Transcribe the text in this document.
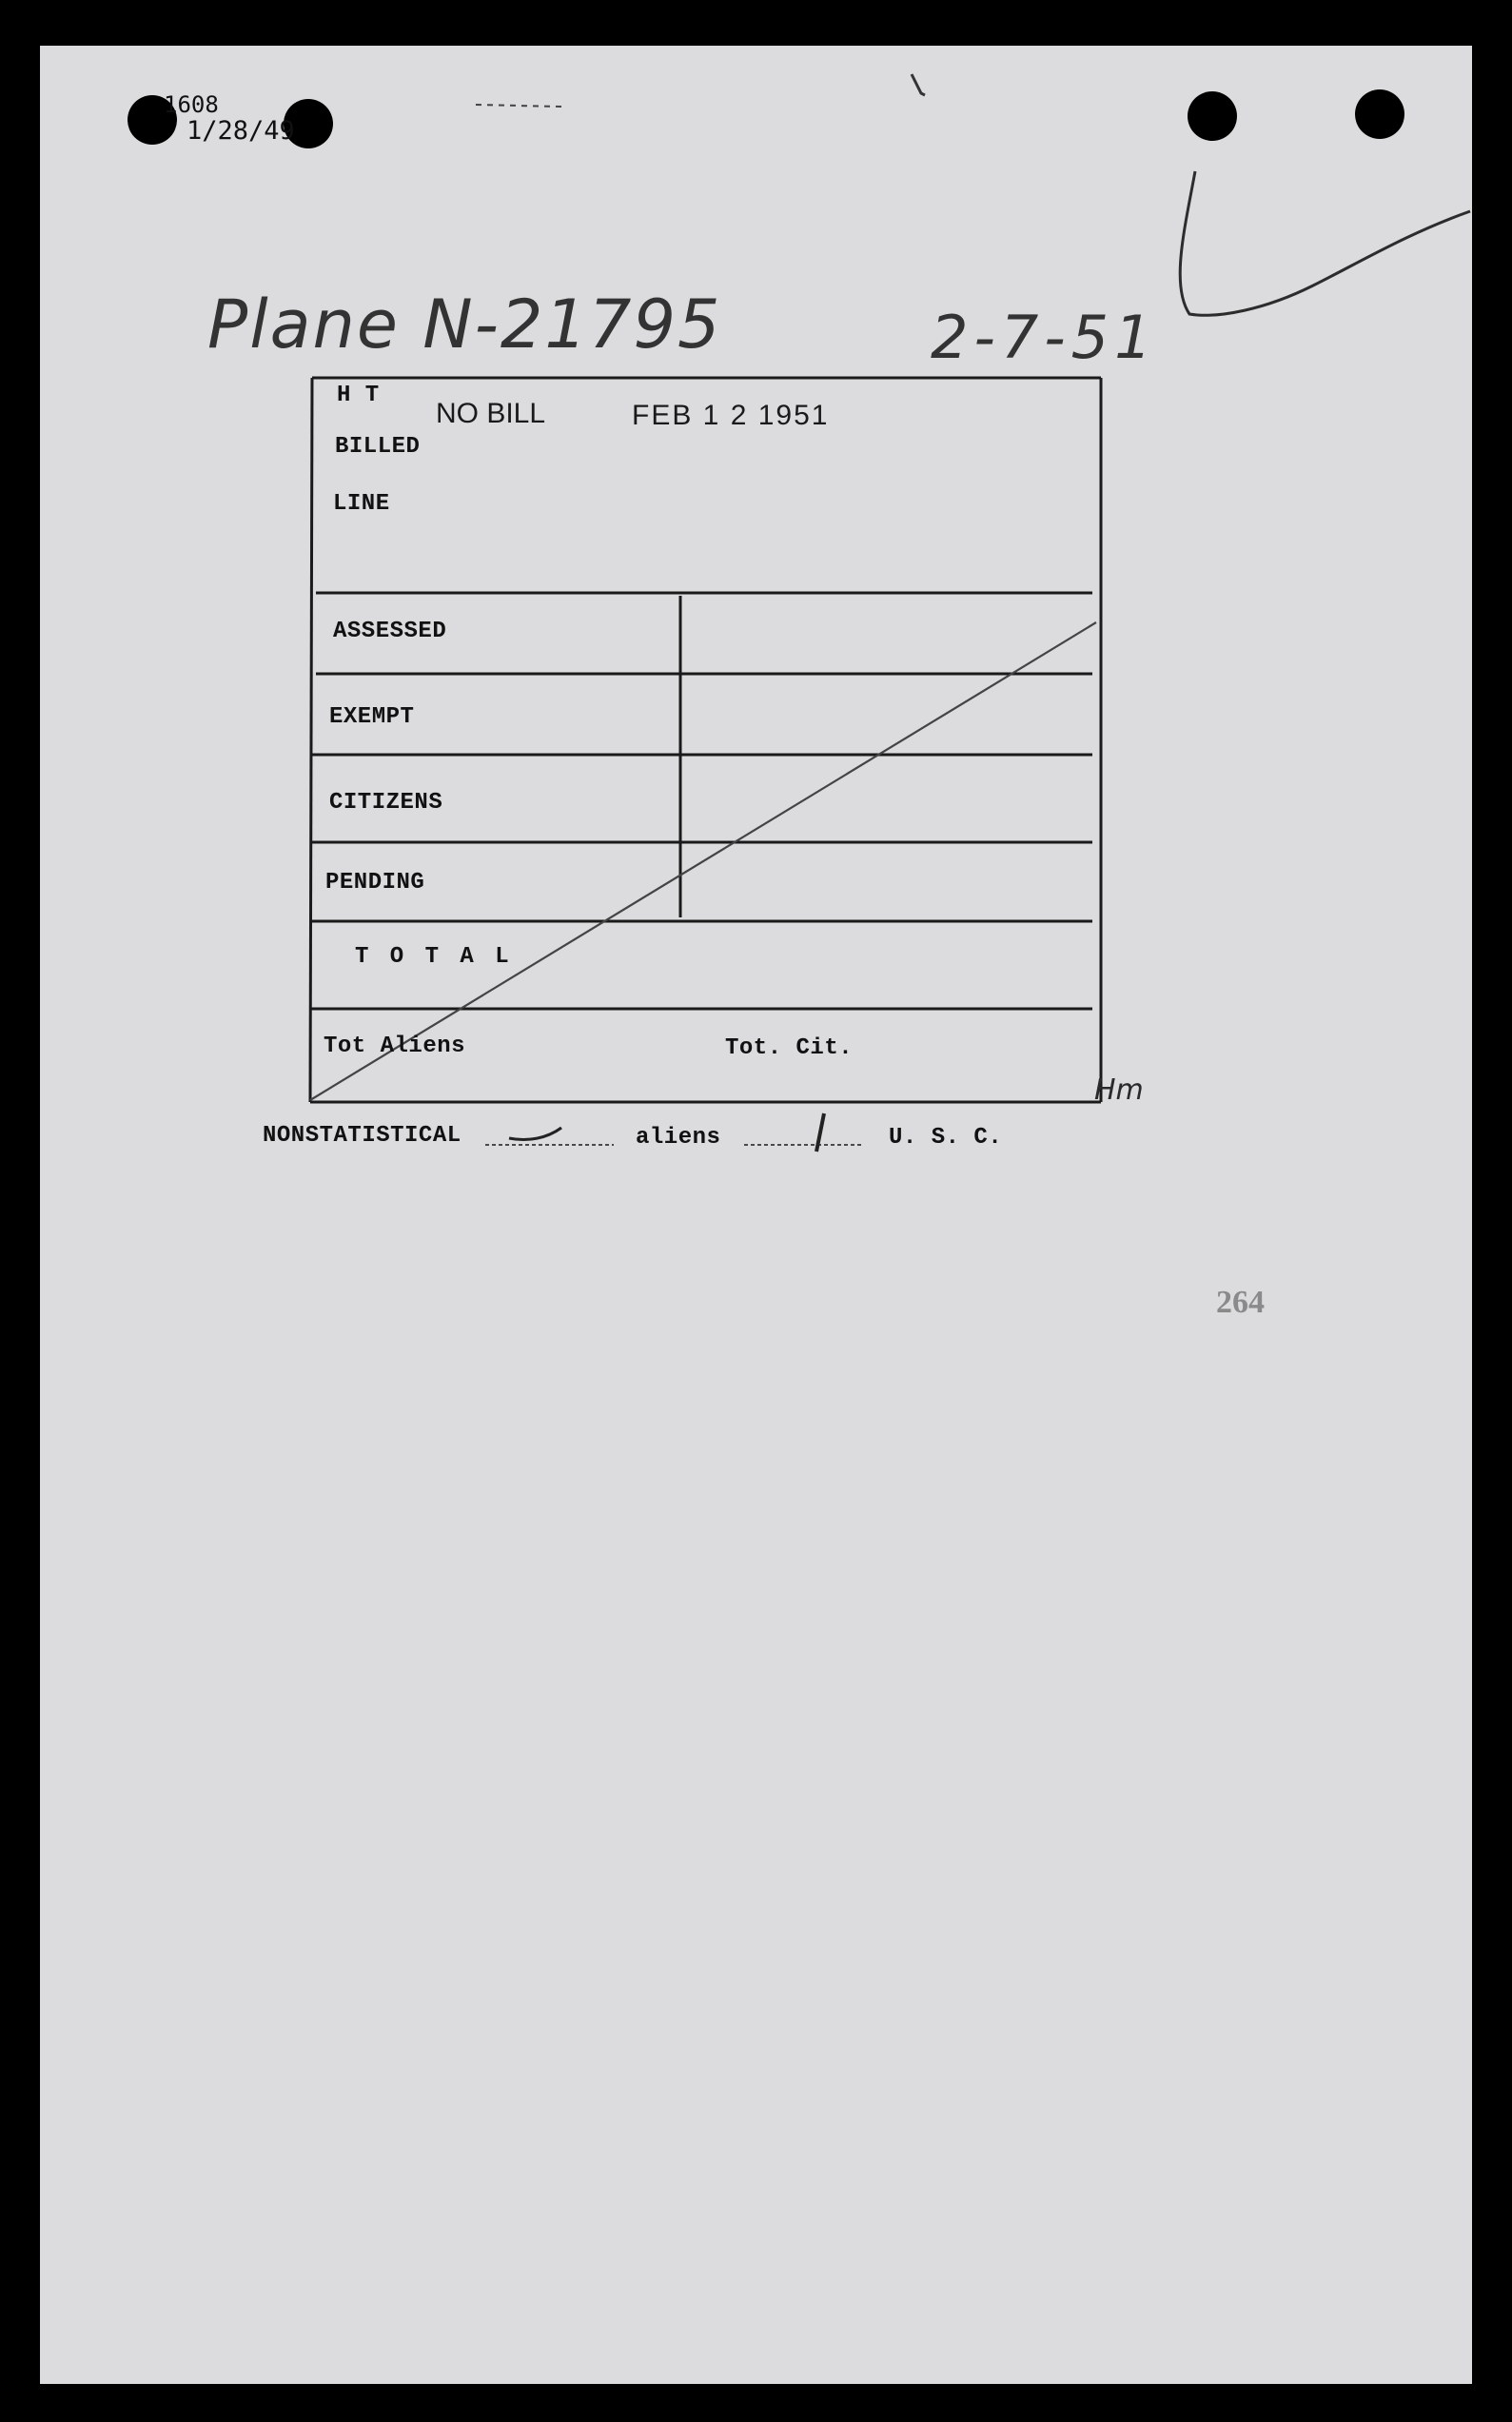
1608
1/28/49
Plane N-21795	2-7-51
H T
BILLED
LINE
ASSESSED
EXEMPT
CITIZENS
PENDING
T O T A L
Tot Aliens	Tot. Cit.
NONSTATISTICAL	aliens	U. S. C.
NO BILL	FEB 1 2 1951
Hm
264
